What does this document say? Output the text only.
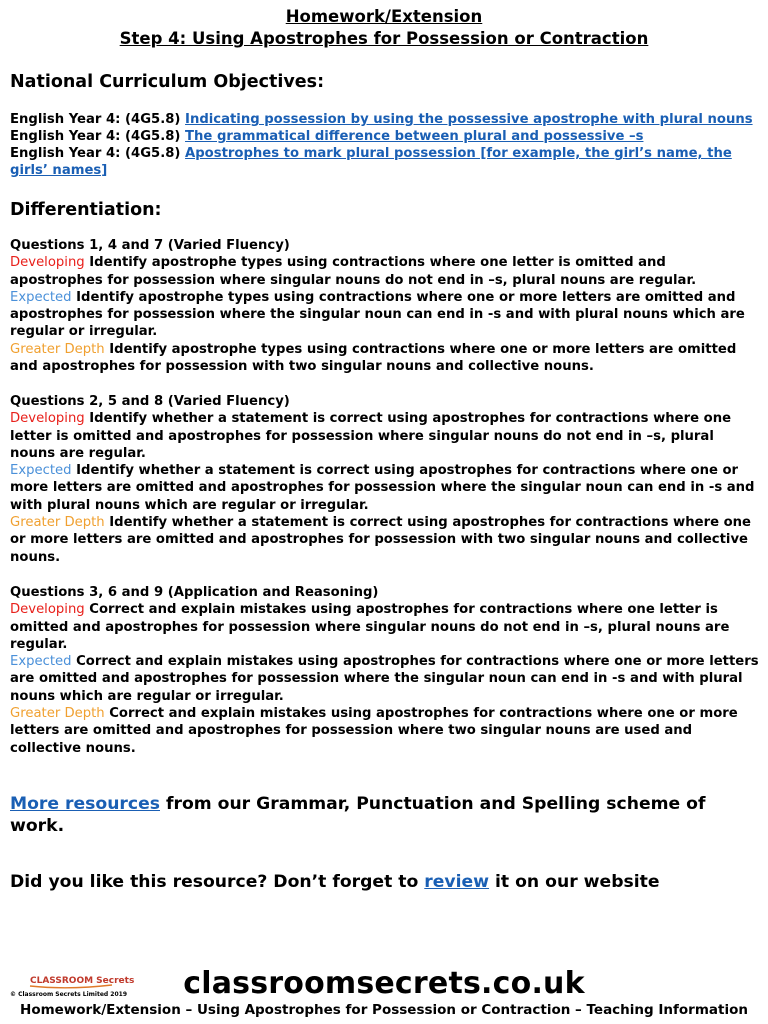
Homework/Extension
Step 4: Using Apostrophes for Possession or Contraction
National Curriculum Objectives:
English Year 4: (4G5.8) Indicating possession by using the possessive apostrophe with plural nouns
English Year 4: (4G5.8) The grammatical difference between plural and possessive –s
English Year 4: (4G5.8) Apostrophes to mark plural possession [for example, the girl’s name, the girls’ names]
Differentiation:

Questions 1, 4 and 7 (Varied Fluency)

Developing Identify apostrophe types using contractions where one letter is omitted and apostrophes for possession where singular nouns do not end in –s, plural nouns are regular.

Expected Identify apostrophe types using contractions where one or more letters are omitted and apostrophes for possession where the singular noun can end in -s and with plural nouns which are regular or irregular.

Greater Depth Identify apostrophe types using contractions where one or more letters are omitted and apostrophes for possession with two singular nouns and collective nouns.

Questions 2, 5 and 8 (Varied Fluency)

Developing Identify whether a statement is correct using apostrophes for contractions where one letter is omitted and apostrophes for possession where singular nouns do not end in –s, plural nouns are regular.

Expected Identify whether a statement is correct using apostrophes for contractions where one or more letters are omitted and apostrophes for possession where the singular noun can end in -s and with plural nouns which are regular or irregular.

Greater Depth Identify whether a statement is correct using apostrophes for contractions where one or more letters are omitted and apostrophes for possession with two singular nouns and collective nouns.

Questions 3, 6 and 9 (Application and Reasoning)

Developing Correct and explain mistakes using apostrophes for contractions where one letter is omitted and apostrophes for possession where singular nouns do not end in –s, plural nouns are regular.

Expected Correct and explain mistakes using apostrophes for contractions where one or more letters are omitted and apostrophes for possession where the singular noun can end in -s and with plural nouns which are regular or irregular.

Greater Depth Correct and explain mistakes using apostrophes for contractions where one or more letters are omitted and apostrophes for possession where two singular nouns are used and collective nouns.

More resources from our Grammar, Punctuation and Spelling scheme of work.
Did you like this resource? Don’t forget to review it on our website
CLASSROOM Secrets
© Classroom Secrets Limited 2019	classroomsecrets.co.uk
Homework/Extension – Using Apostrophes for Possession or Contraction – Teaching Information
